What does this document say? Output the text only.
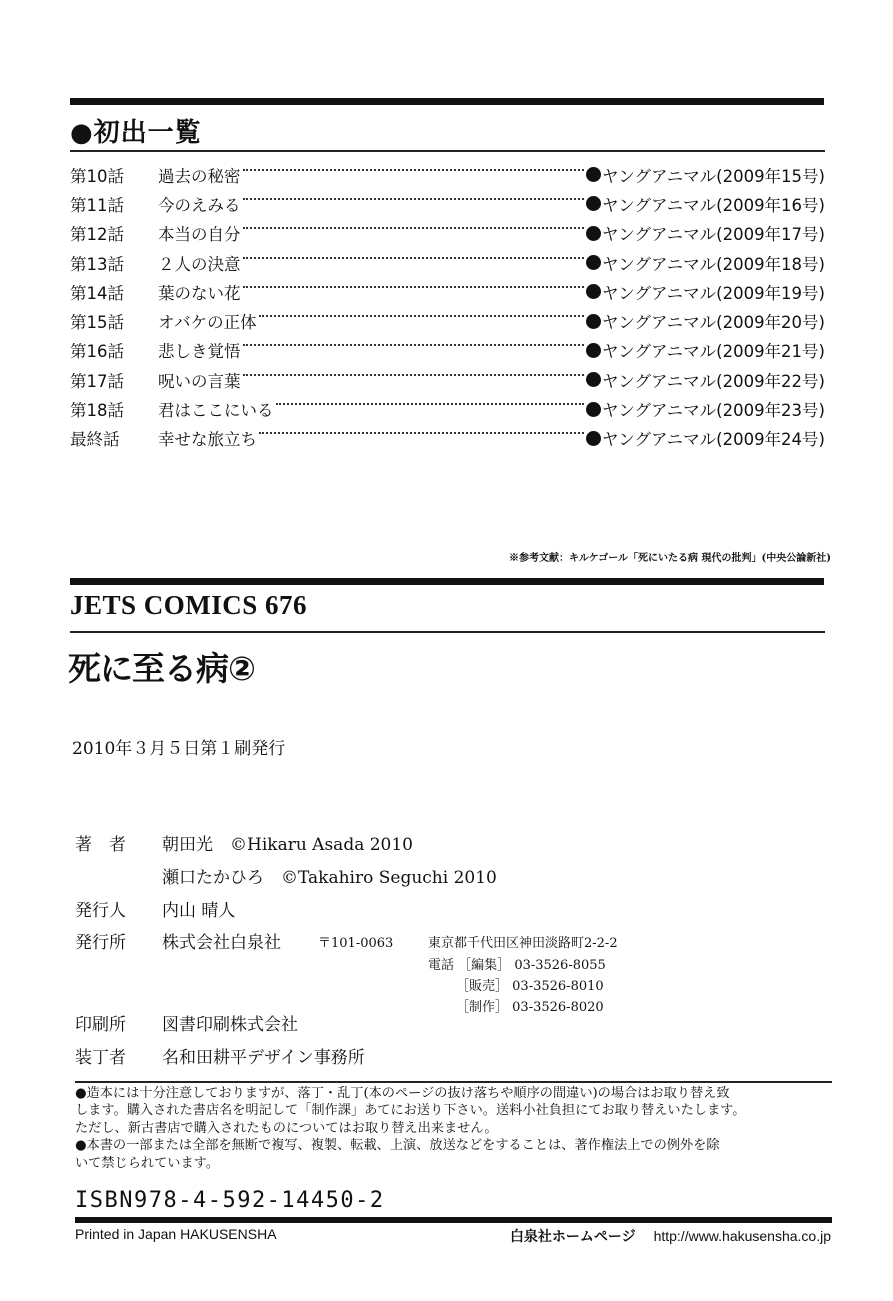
●初出一覧
第10話	過去の秘密	ヤングアニマル(2009年15号)
第11話	今のえみる	ヤングアニマル(2009年16号)
第12話	本当の自分	ヤングアニマル(2009年17号)
第13話	２人の決意	ヤングアニマル(2009年18号)
第14話	葉のない花	ヤングアニマル(2009年19号)
第15話	オバケの正体	ヤングアニマル(2009年20号)
第16話	悲しき覚悟	ヤングアニマル(2009年21号)
第17話	呪いの言葉	ヤングアニマル(2009年22号)
第18話	君はここにいる	ヤングアニマル(2009年23号)
最終話	幸せな旅立ち	ヤングアニマル(2009年24号)
※参考文献：キルケゴール「死にいたる病 現代の批判」(中央公論新社)
JETS COMICS 676
死に至る病②
2010年３月５日第１刷発行
著　者	朝田光　©Hikaru Asada 2010
瀬口たかひろ　©Takahiro Seguchi 2010
発行人	内山 晴人
発行所	株式会社白泉社	〒101-0063	東京都千代田区神田淡路町2-2-2
電話 ［編集］ 03-3526-8055
［販売］ 03-3526-8010
［制作］ 03-3526-8020
印刷所	図書印刷株式会社
装丁者	名和田耕平デザイン事務所

●造本には十分注意しておりますが、落丁・乱丁(本のページの抜け落ちや順序の間違い)の場合はお取り替え致

します。購入された書店名を明記して「制作課」あてにお送り下さい。送料小社負担にてお取り替えいたします。

ただし、新古書店で購入されたものについてはお取り替え出来ません。

●本書の一部または全部を無断で複写、複製、転載、上演、放送などをすることは、著作権法上での例外を除

いて禁じられています。

ISBN978-4-592-14450-2
Printed in Japan HAKUSENSHA	白泉社ホームページ http://www.hakusensha.co.jp
